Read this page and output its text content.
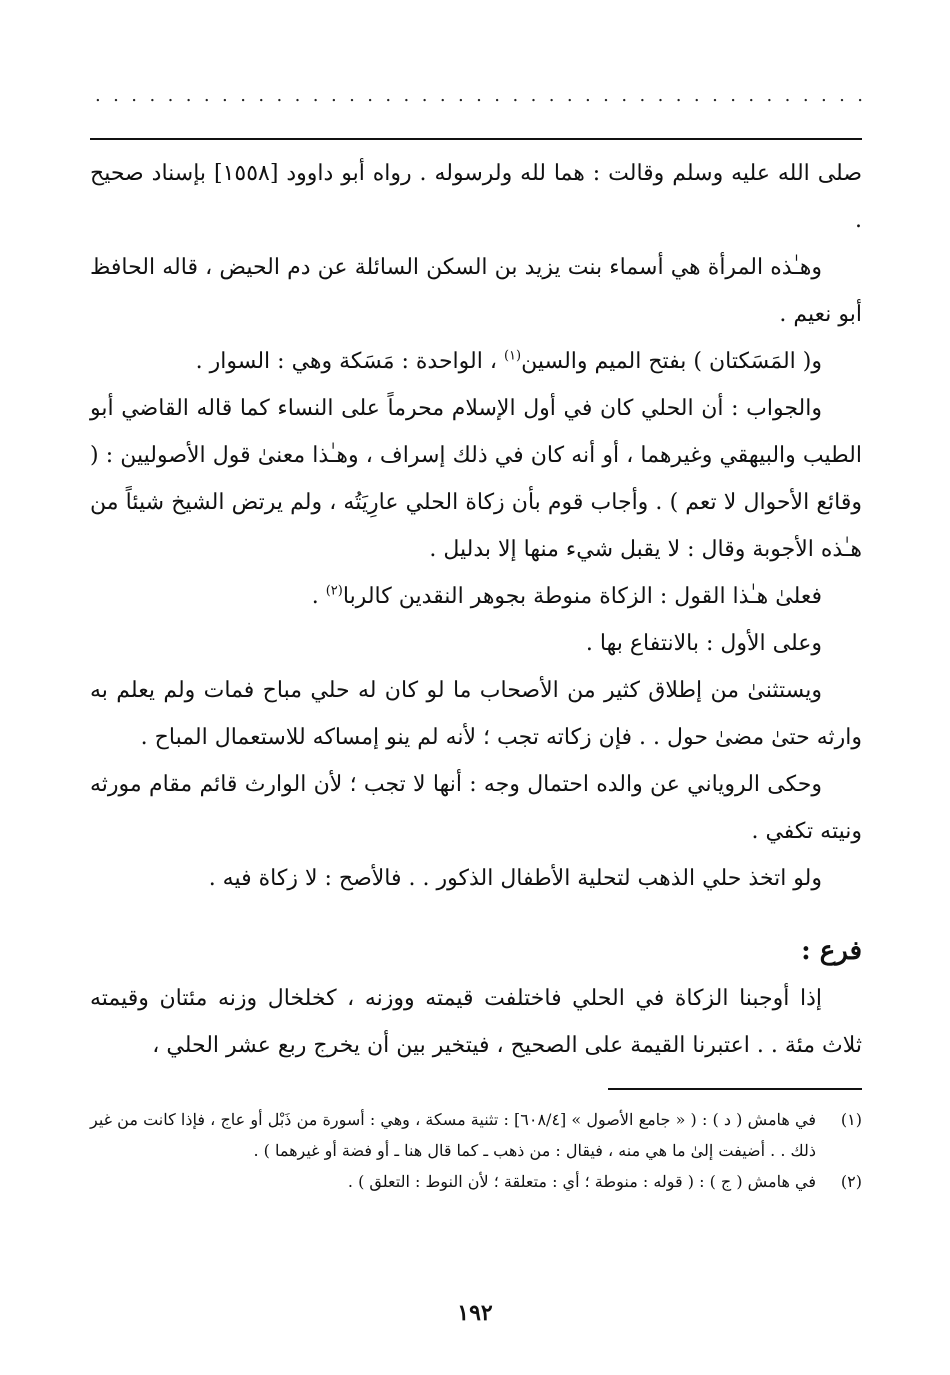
. . . . . . . . . . . . . . . . . . . . . . . . . . . . . . . . . . . . . . . . . . .

صلى الله عليه وسلم وقالت : هما لله ولرسوله . رواه أبو داوود [١٥٥٨] بإسناد صحيح .

وهـٰذه المرأة هي أسماء بنت يزيد بن السكن السائلة عن دم الحيض ، قاله الحافظ أبو نعيم .

و( المَسَكتان ) بفتح الميم والسين$^{(١)}$ ، الواحدة : مَسَكة وهي : السوار .

والجواب : أن الحلي كان في أول الإسلام محرماً على النساء كما قاله القاضي أبو الطيب والبيهقي وغيرهما ، أو أنه كان في ذلك إسراف ، وهـٰذا معنىٰ قول الأصوليين : ( وقائع الأحوال لا تعم ) . وأجاب قوم بأن زكاة الحلي عارِيَتُه ، ولم يرتض الشيخ شيئاً من هـٰذه الأجوبة وقال : لا يقبل شيء منها إلا بدليل .

فعلىٰ هـٰذا القول : الزكاة منوطة بجوهر النقدين كالربا$^{(٢)}$ .

وعلى الأول : بالانتفاع بها .

ويستثنىٰ من إطلاق كثير من الأصحاب ما لو كان له حلي مباح فمات ولم يعلم به وارثه حتىٰ مضىٰ حول . . فإن زكاته تجب ؛ لأنه لم ينو إمساكه للاستعمال المباح .

وحكى الروياني عن والده احتمال وجه : أنها لا تجب ؛ لأن الوارث قائم مقام مورثه ونيته تكفي .

ولو اتخذ حلي الذهب لتحلية الأطفال الذكور . . فالأصح : لا زكاة فيه .

فرع :

إذا أوجبنا الزكاة في الحلي فاختلفت قيمته ووزنه ، كخلخال وزنه مئتان وقيمته ثلاث مئة . . اعتبرنا القيمة على الصحيح ، فيتخير بين أن يخرج ربع عشر الحلي ،

(١)

في هامش ( د ) : ( « جامع الأصول » [٦٠٨/٤] : تثنية مسكة ، وهي : أسورة من ذَبْل أو عاج ، فإذا كانت من غير ذلك . . أضيفت إلىٰ ما هي منه ، فيقال : من ذهب ـ كما قال هنا ـ أو فضة أو غيرهما ) .

(٢)

في هامش ( ج ) : ( قوله : منوطة ؛ أي : متعلقة ؛ لأن النوط : التعلق ) .

١٩٢
